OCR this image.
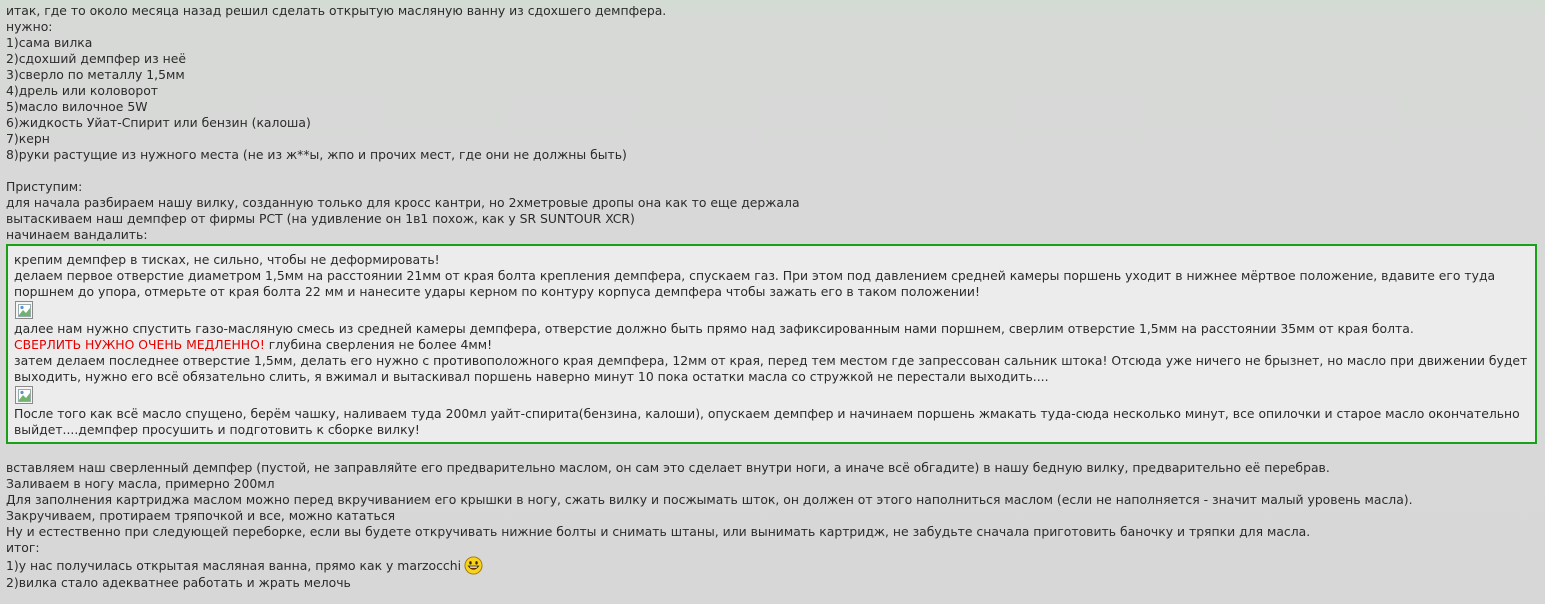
итак, где то около месяца назад решил сделать открытую масляную ванну из сдохшего демпфера.
нужно:
1)сама вилка
2)сдохший демпфер из неё
3)сверло по металлу 1,5мм
4)дрель или коловорот
5)масло вилочное 5W
6)жидкость Уйат-Спирит или бензин (калоша)
7)керн
8)руки растущие из нужного места (не из ж**ы, жпо и прочих мест, где они не должны быть)
Приступим:
для начала разбираем нашу вилку, созданную только для кросс кантри, но 2хметровые дропы она как то еще держала
вытаскиваем наш демпфер от фирмы РСТ (на удивление он 1в1 похож, как у SR SUNTOUR XCR)
начинаем вандалить:
крепим демпфер в тисках, не сильно, чтобы не деформировать!
делаем первое отверстие диаметром 1,5мм на расстоянии 21мм от края болта крепления демпфера, спускаем газ. При этом под давлением средней камеры поршень уходит в нижнее мёртвое положение, вдавите его туда поршнем до упора, отмерьте от края болта 22 мм и нанесите удары керном по контуру корпуса демпфера чтобы зажать его в таком положении!
далее нам нужно спустить газо-масляную смесь из средней камеры демпфера, отверстие должно быть прямо над зафиксированным нами поршнем, сверлим отверстие 1,5мм на расстоянии 35мм от края болта.
СВЕРЛИТЬ НУЖНО ОЧЕНЬ МЕДЛЕННО! глубина сверления не более 4мм!
затем делаем последнее отверстие 1,5мм, делать его нужно с противоположного края демпфера, 12мм от края, перед тем местом где запрессован сальник штока! Отсюда уже ничего не брызнет, но масло при движении будет выходить, нужно его всё обязательно слить, я вжимал и вытаскивал поршень наверно минут 10 пока остатки масла со стружкой не перестали выходить....
После того как всё масло спущено, берём чашку, наливаем туда 200мл уайт-спирита(бензина, калоши), опускаем демпфер и начинаем поршень жмакать туда-сюда несколько минут, все опилочки и старое масло окончательно выйдет....демпфер просушить и подготовить к сборке вилку!
вставляем наш сверленный демпфер (пустой, не заправляйте его предварительно маслом, он сам это сделает внутри ноги, а иначе всё обгадите) в нашу бедную вилку, предварительно её перебрав.
Заливаем в ногу масла, примерно 200мл
Для заполнения картриджа маслом можно перед вкручиванием его крышки в ногу, сжать вилку и посжымать шток, он должен от этого наполниться маслом (если не наполняется - значит малый уровень масла).
Закручиваем, протираем тряпочкой и все, можно кататься
Ну и естественно при следующей переборке, если вы будете откручивать нижние болты и снимать штаны, или вынимать картридж, не забудьте сначала приготовить баночку и тряпки для масла.
итог:
1)у нас получилась открытая масляная ванна, прямо как у marzocchi
2)вилка стало адекватнее работать и жрать мелочь
